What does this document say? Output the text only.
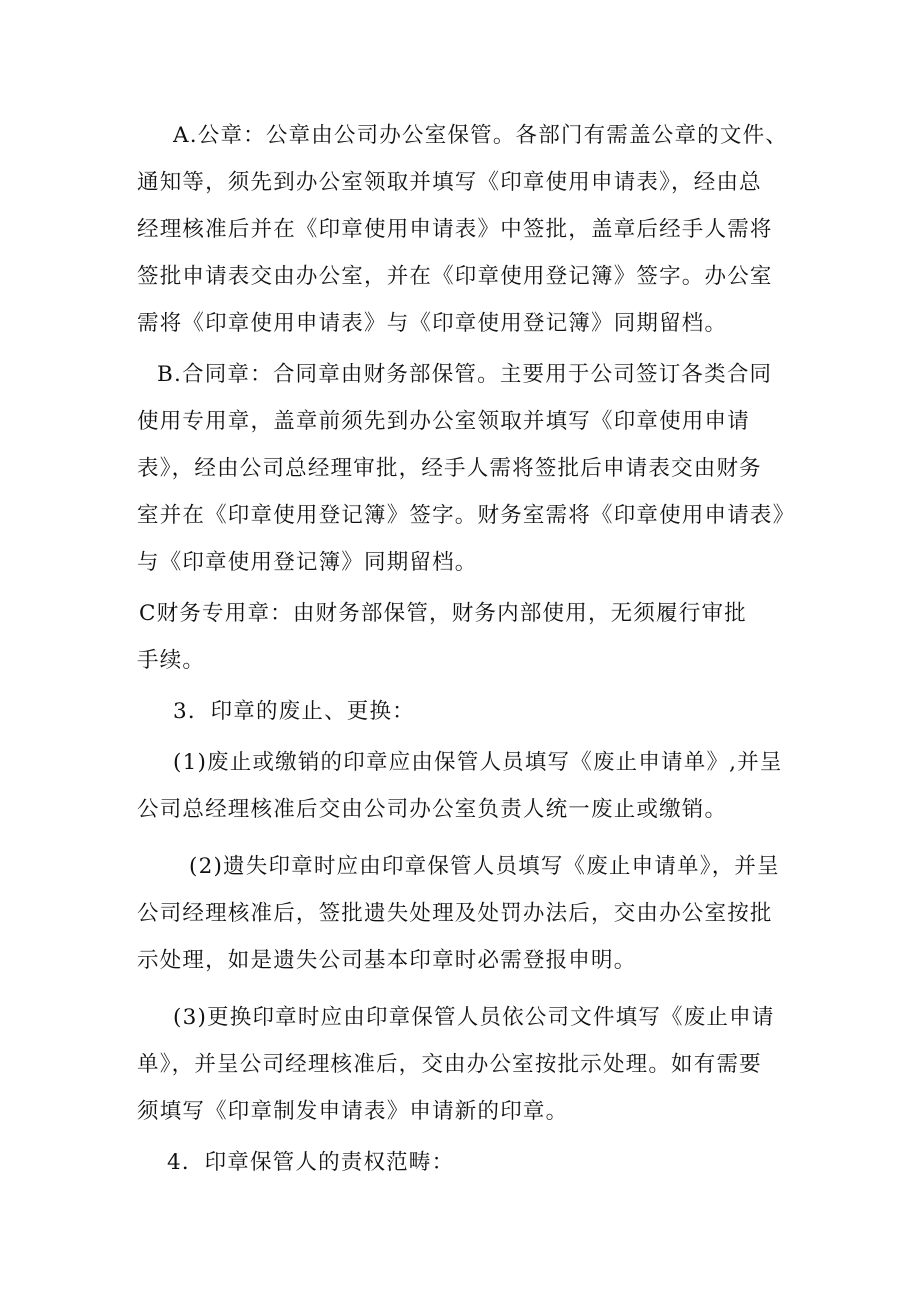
A.公章：公章由公司办公室保管。各部门有需盖公章的文件、
通知等，须先到办公室领取并填写《印章使用申请表》，经由总
经理核准后并在《印章使用申请表》中签批，盖章后经手人需将
签批申请表交由办公室，并在《印章使用登记簿》签字。办公室
需将《印章使用申请表》与《印章使用登记簿》同期留档。

B.合同章：合同章由财务部保管。主要用于公司签订各类合同
使用专用章，盖章前须先到办公室领取并填写《印章使用申请
表》，经由公司总经理审批，经手人需将签批后申请表交由财务
室并在《印章使用登记簿》签字。财务室需将《印章使用申请表》
与《印章使用登记簿》同期留档。

C财务专用章：由财务部保管，财务内部使用，无须履行审批
手续。

3．印章的废止、更换：

(1)废止或缴销的印章应由保管人员填写《废止申请单》,并呈
公司总经理核准后交由公司办公室负责人统一废止或缴销。

(2)遗失印章时应由印章保管人员填写《废止申请单》，并呈
公司经理核准后，签批遗失处理及处罚办法后，交由办公室按批
示处理，如是遗失公司基本印章时必需登报申明。

(3)更换印章时应由印章保管人员依公司文件填写《废止申请
单》，并呈公司经理核准后，交由办公室按批示处理。如有需要
须填写《印章制发申请表》申请新的印章。

4．印章保管人的责权范畴：
